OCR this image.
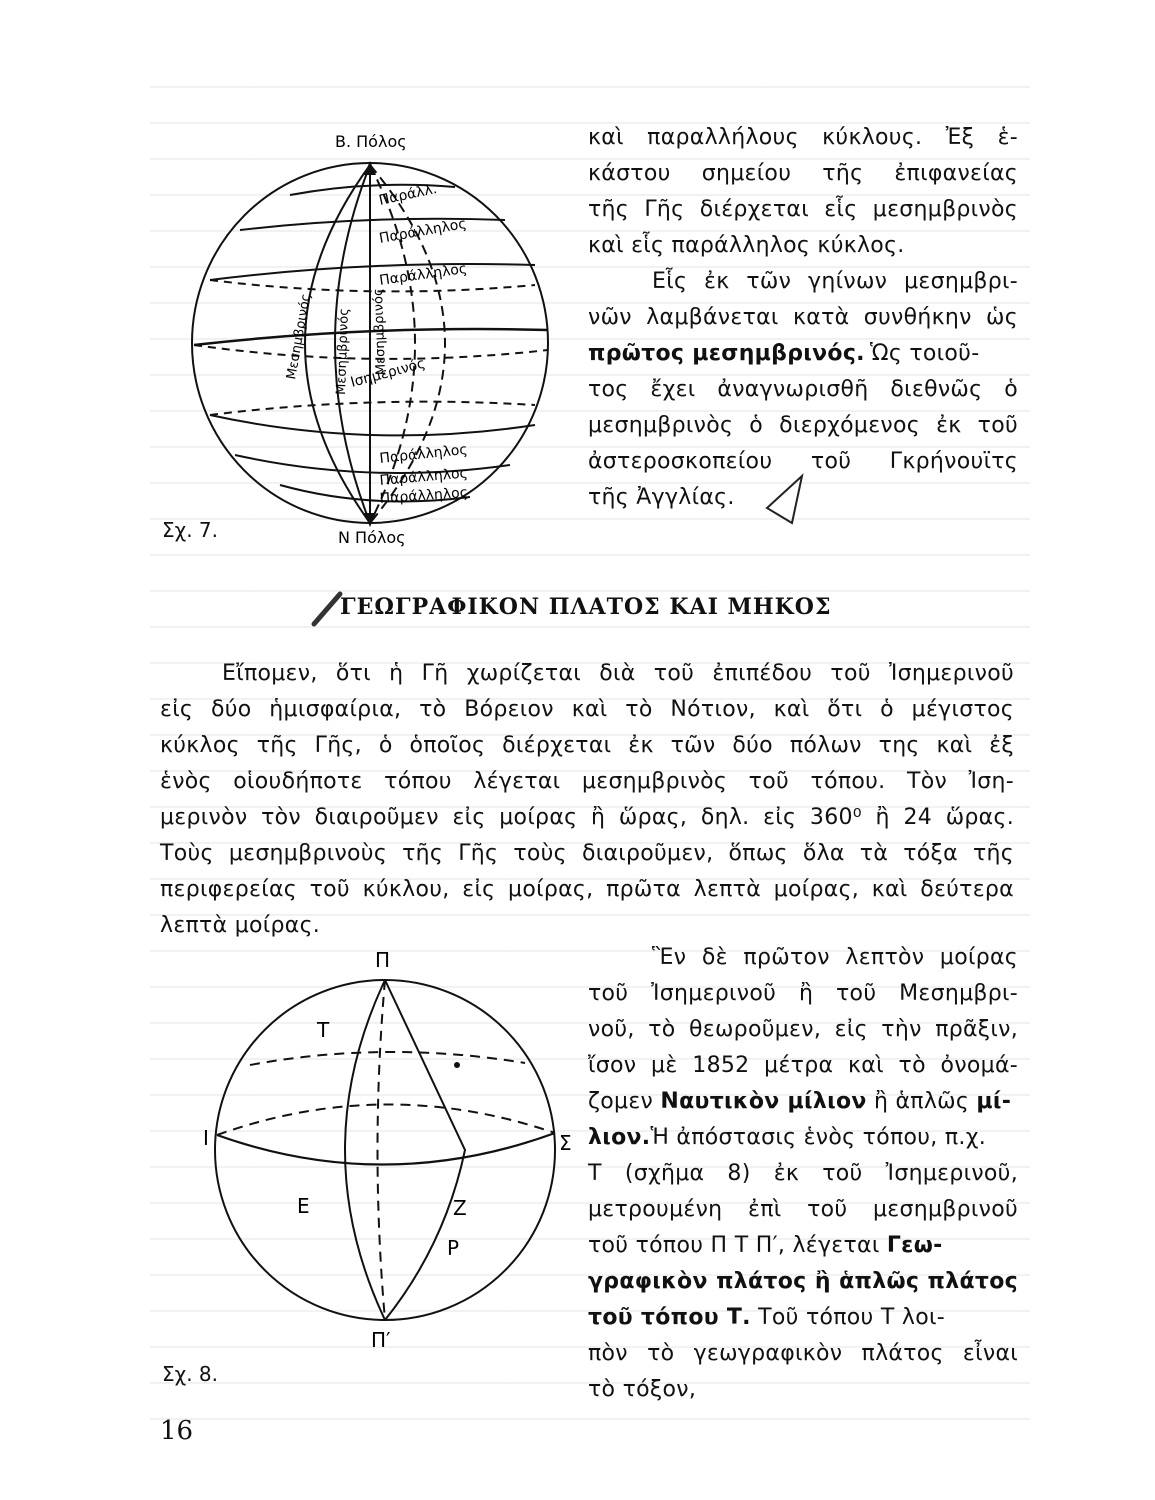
Β. Πόλος
Ν Πόλος
Παράλλ.
Παράλληλος
Παράλληλος
Ισημερινός
Παράλληλος
Παράλληλος
Παράλληλος
Μεσημβρινός Μεσημβρινός Μεσημβρινός
Σχ. 7.
καὶ παραλλήλους κύκλους. Ἐξ ἑ-
κάστου σημείου τῆς ἐπιφανείας
τῆς Γῆς διέρχεται εἷς μεσημβρινὸς
καὶ εἷς παράλληλος κύκλος.
Εἷς ἐκ τῶν γηίνων μεσημβρι-
νῶν λαμβάνεται κατὰ συνθήκην ὡς
πρῶτος μεσημβρινός. Ὡς τοιοῦ-
τος ἔχει ἀναγνωρισθῆ διεθνῶς ὁ
μεσημβρινὸς ὁ διερχόμενος ἐκ τοῦ
ἀστεροσκοπείου τοῦ Γκρήνουϊτς
τῆς Ἀγγλίας.
ΓΕΩΓΡΑΦΙΚΟΝ ΠΛΑΤΟΣ ΚΑΙ ΜΗΚΟΣ
Εἴπομεν, ὅτι ἡ Γῆ χωρίζεται διὰ τοῦ ἐπιπέδου τοῦ Ἰσημερινοῦ
εἰς δύο ἡμισφαίρια, τὸ Βόρειον καὶ τὸ Νότιον, καὶ ὅτι ὁ μέγιστος
κύκλος τῆς Γῆς, ὁ ὁποῖος διέρχεται ἐκ τῶν δύο πόλων της καὶ ἐξ
ἑνὸς οἱουδήποτε τόπου λέγεται μεσημβρινὸς τοῦ τόπου. Τὸν Ἰση-
μερινὸν τὸν διαιροῦμεν εἰς μοίρας ἢ ὥρας, δηλ. εἰς 360⁰ ἢ 24 ὥρας.
Τοὺς μεσημβρινοὺς τῆς Γῆς τοὺς διαιροῦμεν, ὅπως ὅλα τὰ τόξα τῆς
περιφερείας τοῦ κύκλου, εἰς μοίρας, πρῶτα λεπτὰ μοίρας, καὶ δεύτερα
λεπτὰ μοίρας.
Π
Π′
Τ
Ι	Σ
Ε	Ζ
Ρ
Σχ. 8.
Ἓν δὲ πρῶτον λεπτὸν μοίρας
τοῦ Ἰσημερινοῦ ἢ τοῦ Μεσημβρι-
νοῦ, τὸ θεωροῦμεν, εἰς τὴν πρᾶξιν,
ἴσον μὲ 1852 μέτρα καὶ τὸ ὀνομά-
ζομεν Ναυτικὸν μίλιον ἢ ἁπλῶς μί-
λιον.Ἡ ἀπόστασις ἑνὸς τόπου, π.χ.
Τ (σχῆμα 8) ἐκ τοῦ Ἰσημερινοῦ,
μετρουμένη ἐπὶ τοῦ μεσημβρινοῦ
τοῦ τόπου Π Τ Π′, λέγεται Γεω-
γραφικὸν πλάτος ἢ ἁπλῶς πλάτος
τοῦ τόπου Τ. Τοῦ τόπου Τ λοι-
πὸν τὸ γεωγραφικὸν πλάτος εἶναι
τὸ τόξον,
16
